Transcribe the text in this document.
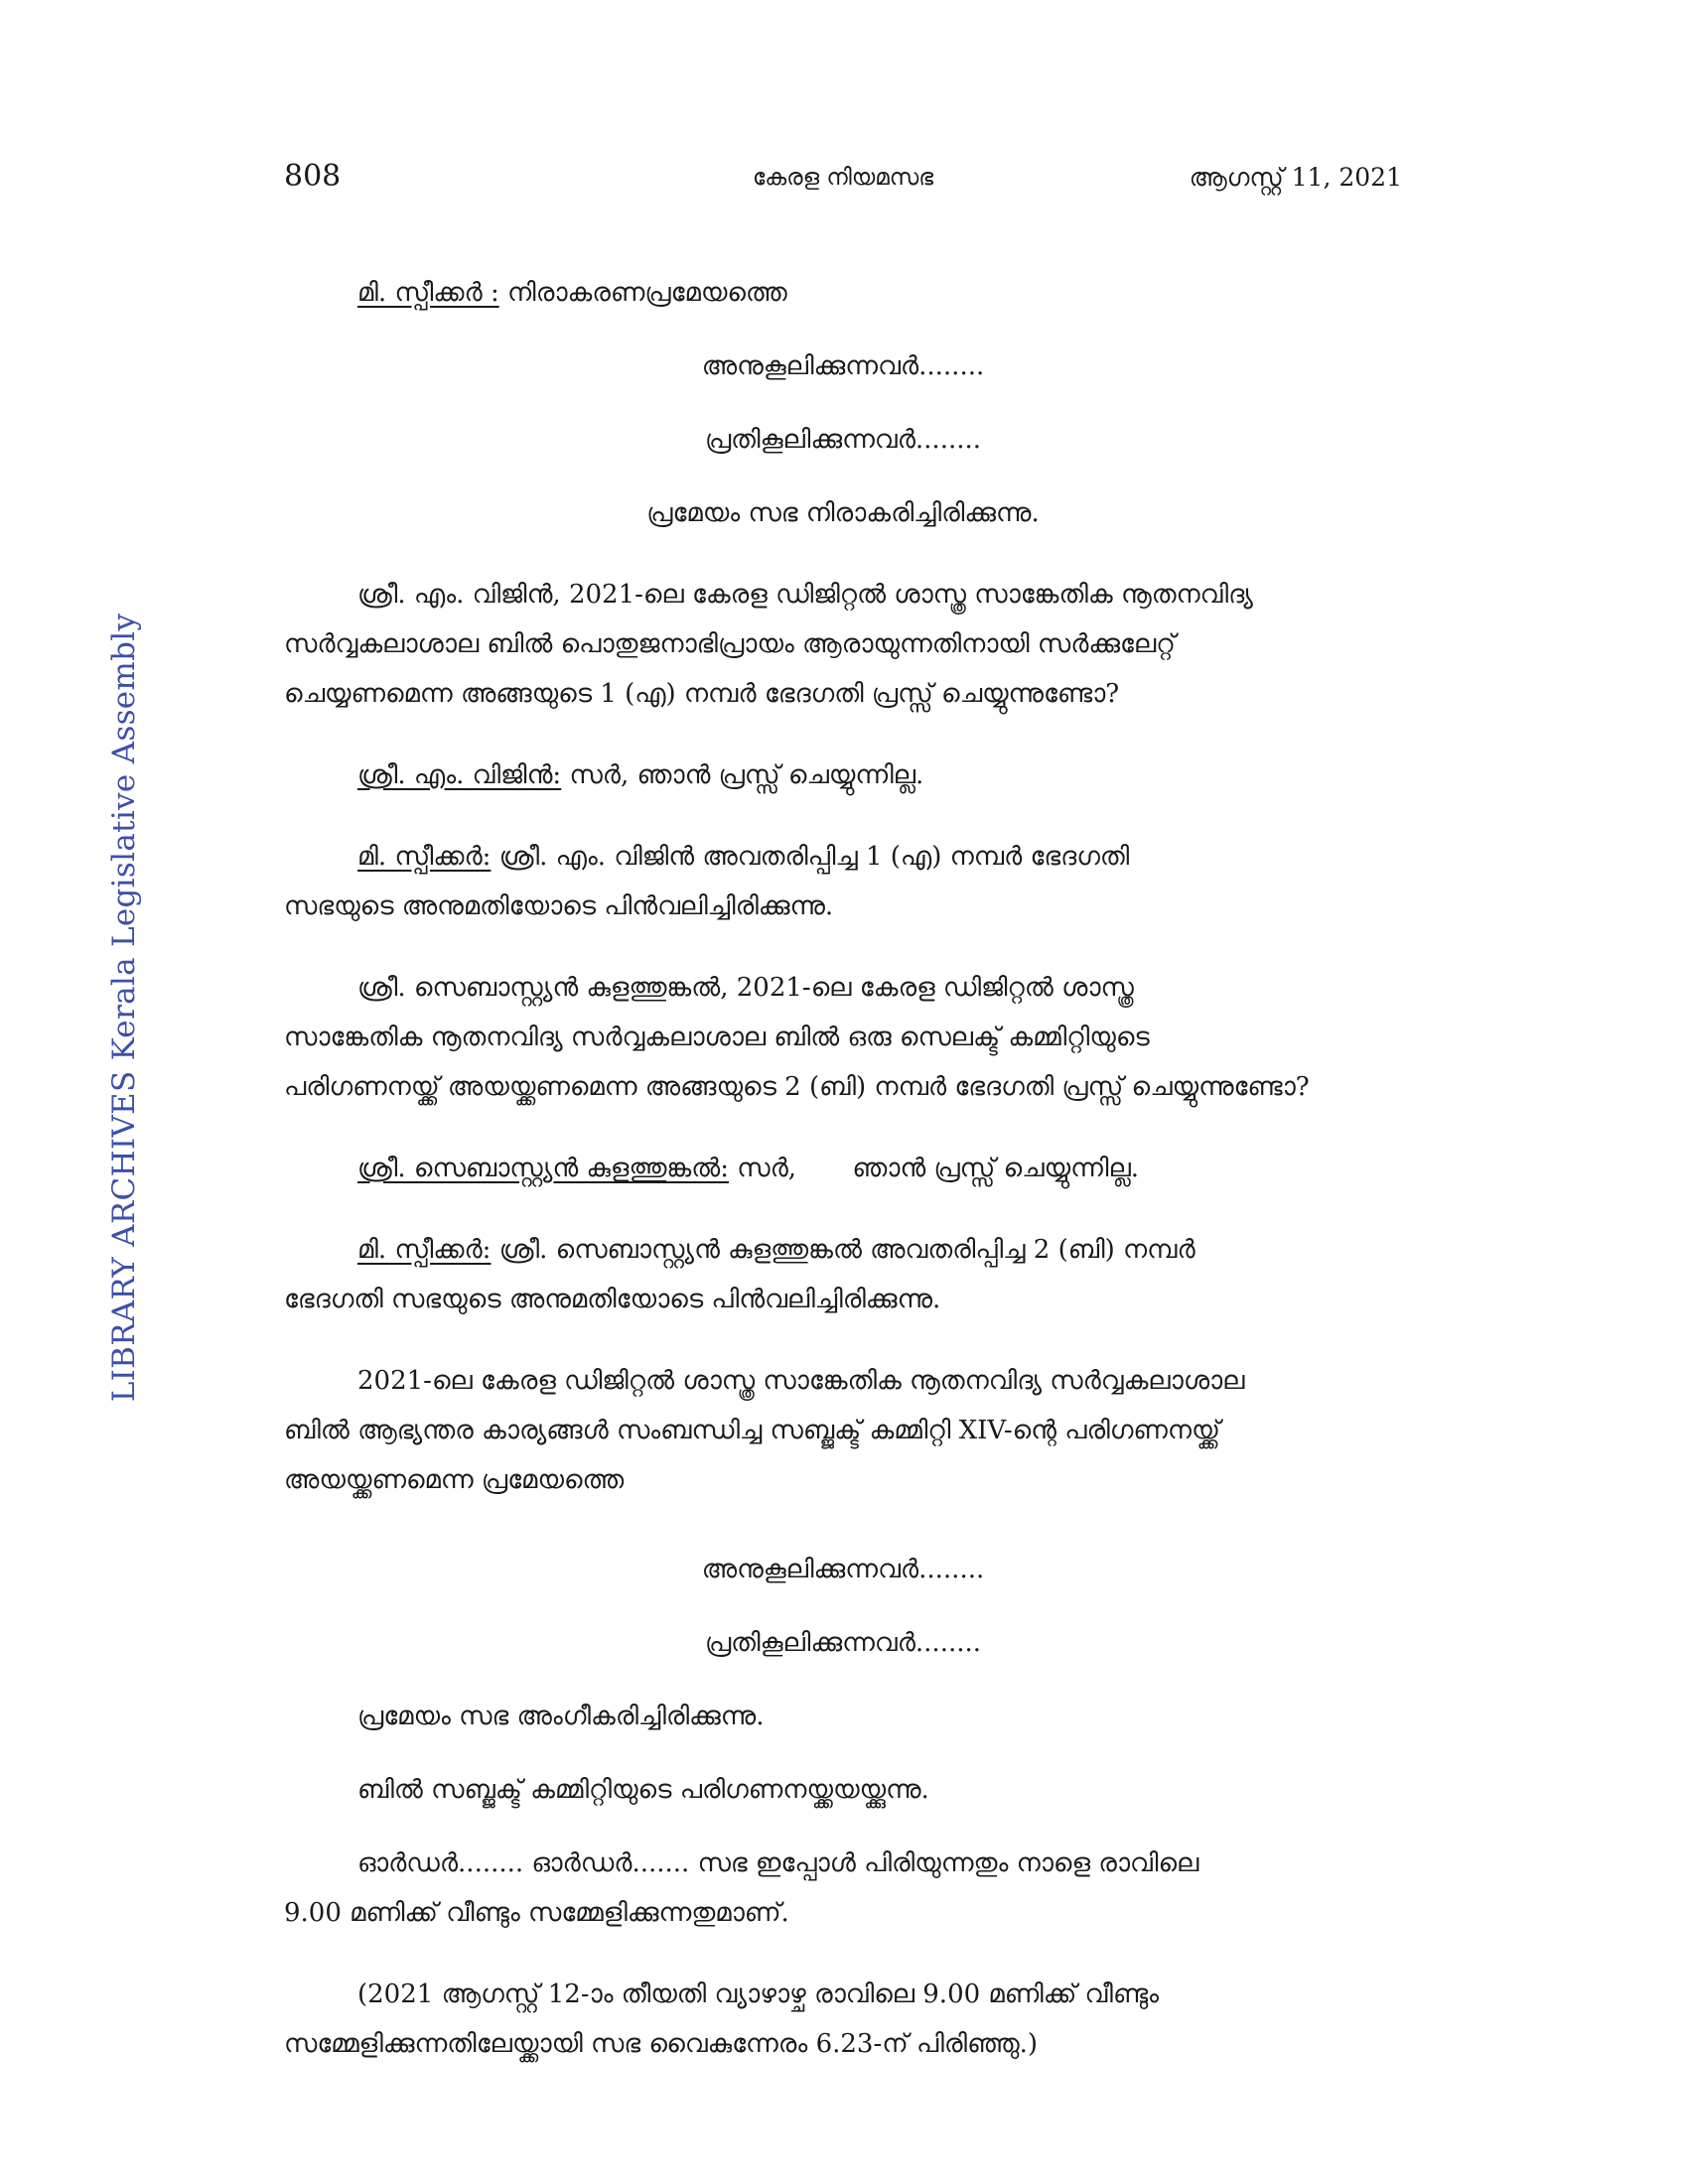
808	കേരള നിയമസഭ	ആഗസ്റ്റ് 11, 2021
LIBRARY ARCHIVES Kerala Legislative Assembly

മി. സ്പീക്കർ : നിരാകരണപ്രമേയത്തെ

അനുകൂലിക്കുന്നവർ........

പ്രതികൂലിക്കുന്നവർ........

പ്രമേയം സഭ നിരാകരിച്ചിരിക്കുന്നു.

ശ്രീ. എം. വിജിൻ, 2021-ലെ കേരള ഡിജിറ്റൽ ശാസ്ത്ര സാങ്കേതിക നൂതനവിദ്യ

സർവ്വകലാശാല ബിൽ പൊതുജനാഭിപ്രായം ആരായുന്നതിനായി സർക്കുലേറ്റ്

ചെയ്യണമെന്ന അങ്ങയുടെ 1 (എ) നമ്പർ ഭേദഗതി പ്രസ്സ് ചെയ്യുന്നുണ്ടോ?

ശ്രീ. എം. വിജിൻ: സർ, ഞാൻ പ്രസ്സ് ചെയ്യുന്നില്ല.

മി. സ്പീക്കർ: ശ്രീ. എം. വിജിൻ അവതരിപ്പിച്ച 1 (എ) നമ്പർ ഭേദഗതി

സഭയുടെ അനുമതിയോടെ പിൻവലിച്ചിരിക്കുന്നു.

ശ്രീ. സെബാസ്റ്റ്യൻ കുളത്തുങ്കൽ, 2021-ലെ കേരള ഡിജിറ്റൽ ശാസ്ത്ര

സാങ്കേതിക നൂതനവിദ്യ സർവ്വകലാശാല ബിൽ ഒരു സെലക്ട് കമ്മിറ്റിയുടെ

പരിഗണനയ്ക്ക് അയയ്ക്കണമെന്ന അങ്ങയുടെ 2 (ബി) നമ്പർ ഭേദഗതി പ്രസ്സ് ചെയ്യുന്നുണ്ടോ?

ശ്രീ. സെബാസ്റ്റ്യൻ കുളത്തുങ്കൽ: സർ, ഞാൻ പ്രസ്സ് ചെയ്യുന്നില്ല.

മി. സ്പീക്കർ: ശ്രീ. സെബാസ്റ്റ്യൻ കുളത്തുങ്കൽ അവതരിപ്പിച്ച 2 (ബി) നമ്പർ

ഭേദഗതി സഭയുടെ അനുമതിയോടെ പിൻവലിച്ചിരിക്കുന്നു.

2021-ലെ കേരള ഡിജിറ്റൽ ശാസ്ത്ര സാങ്കേതിക നൂതനവിദ്യ സർവ്വകലാശാല

ബിൽ ആഭ്യന്തര കാര്യങ്ങൾ സംബന്ധിച്ച സബ്ജക്ട് കമ്മിറ്റി XIV-ന്റെ പരിഗണനയ്ക്ക്

അയയ്ക്കണമെന്ന പ്രമേയത്തെ

അനുകൂലിക്കുന്നവർ........

പ്രതികൂലിക്കുന്നവർ........

പ്രമേയം സഭ അംഗീകരിച്ചിരിക്കുന്നു.

ബിൽ സബ്ജക്ട് കമ്മിറ്റിയുടെ പരിഗണനയ്ക്കയയ്ക്കുന്നു.

ഓർഡർ........ ഓർഡർ....... സഭ ഇപ്പോൾ പിരിയുന്നതും നാളെ രാവിലെ

9.00 മണിക്ക് വീണ്ടും സമ്മേളിക്കുന്നതുമാണ്.

(2021 ആഗസ്റ്റ് 12-ാം തീയതി വ്യാഴാഴ്ച രാവിലെ 9.00 മണിക്ക് വീണ്ടും

സമ്മേളിക്കുന്നതിലേയ്ക്കായി സഭ വൈകുന്നേരം 6.23-ന് പിരിഞ്ഞു.)
